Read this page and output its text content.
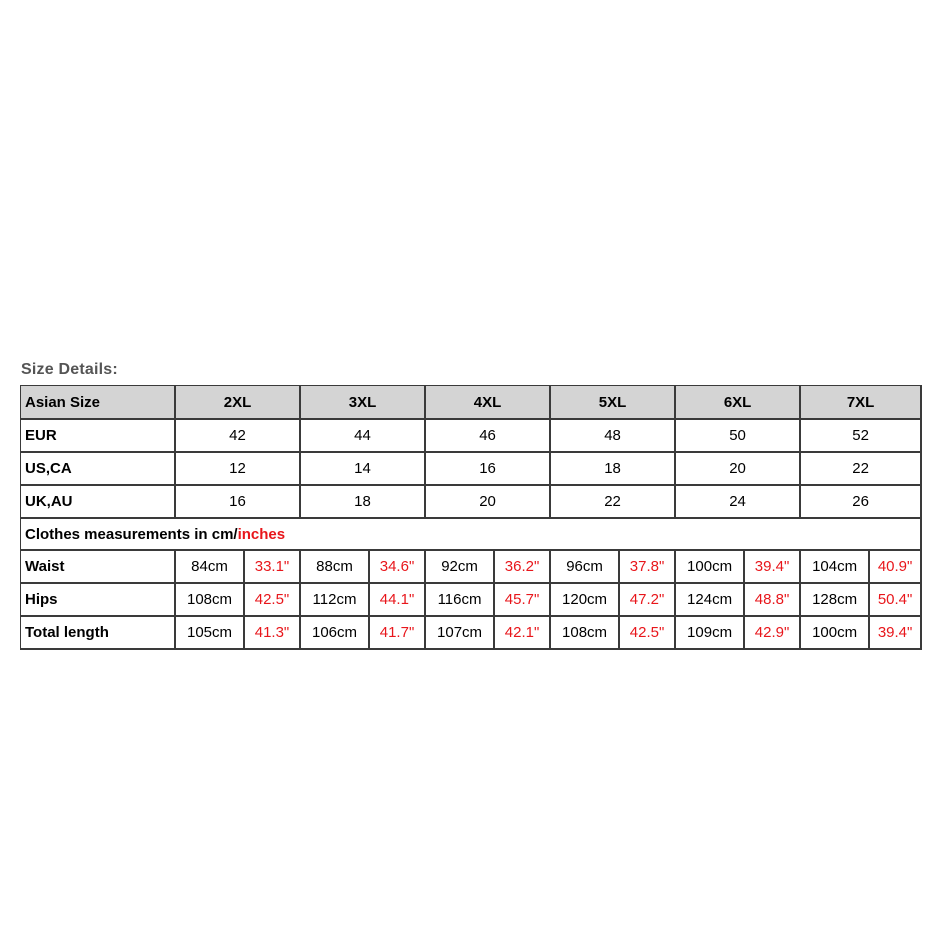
Size Details:
Asian Size	2XL		3XL		4XL		5XL		6XL		7XL	
EUR	42		44		46		48		50		52	
US,CA	12		14		16		18		20		22	
UK,AU	16		18		20		22		24		26	
Clothes measurements in cm/inches												
Waist	84cm	33.1"	88cm	34.6"	92cm	36.2"	96cm	37.8"	100cm	39.4"	104cm	40.9"
Hips	108cm	42.5"	112cm	44.1"	116cm	45.7"	120cm	47.2"	124cm	48.8"	128cm	50.4"
Total length	105cm	41.3"	106cm	41.7"	107cm	42.1"	108cm	42.5"	109cm	42.9"	100cm	39.4"
